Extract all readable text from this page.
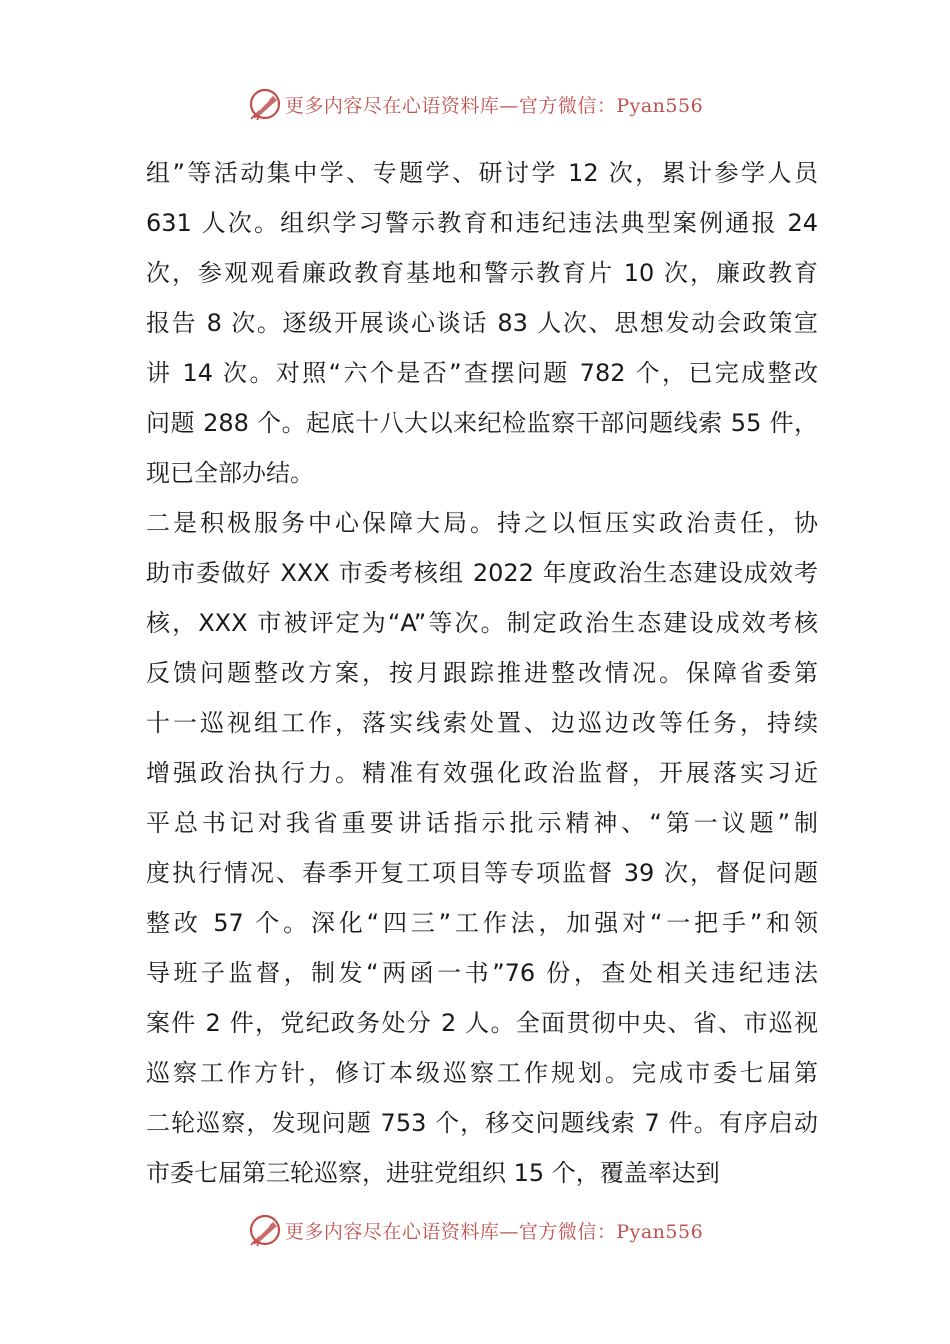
更多内容尽在心语资料库—官方微信：Pyan556
组”等活动集中学、专题学、研讨学 12 次，累计参学人员
631 人次。组织学习警示教育和违纪违法典型案例通报 24
次，参观观看廉政教育基地和警示教育片 10 次，廉政教育
报告 8 次。逐级开展谈心谈话 83 人次、思想发动会政策宣
讲 14 次。对照“六个是否”查摆问题 782 个，已完成整改
问题 288 个。起底十八大以来纪检监察干部问题线索 55 件，
现已全部办结。
二是积极服务中心保障大局。持之以恒压实政治责任，协
助市委做好 XXX 市委考核组 2022 年度政治生态建设成效考
核，XXX 市被评定为“A”等次。制定政治生态建设成效考核
反馈问题整改方案，按月跟踪推进整改情况。保障省委第
十一巡视组工作，落实线索处置、边巡边改等任务，持续
增强政治执行力。精准有效强化政治监督，开展落实习近
平总书记对我省重要讲话指示批示精神、“第一议题”制
度执行情况、春季开复工项目等专项监督 39 次，督促问题
整改 57 个。深化“四三”工作法，加强对“一把手”和领
导班子监督，制发“两函一书”76 份，查处相关违纪违法
案件 2 件，党纪政务处分 2 人。全面贯彻中央、省、市巡视
巡察工作方针，修订本级巡察工作规划。完成市委七届第
二轮巡察，发现问题 753 个，移交问题线索 7 件。有序启动
市委七届第三轮巡察，进驻党组织 15 个，覆盖率达到
更多内容尽在心语资料库—官方微信：Pyan556
